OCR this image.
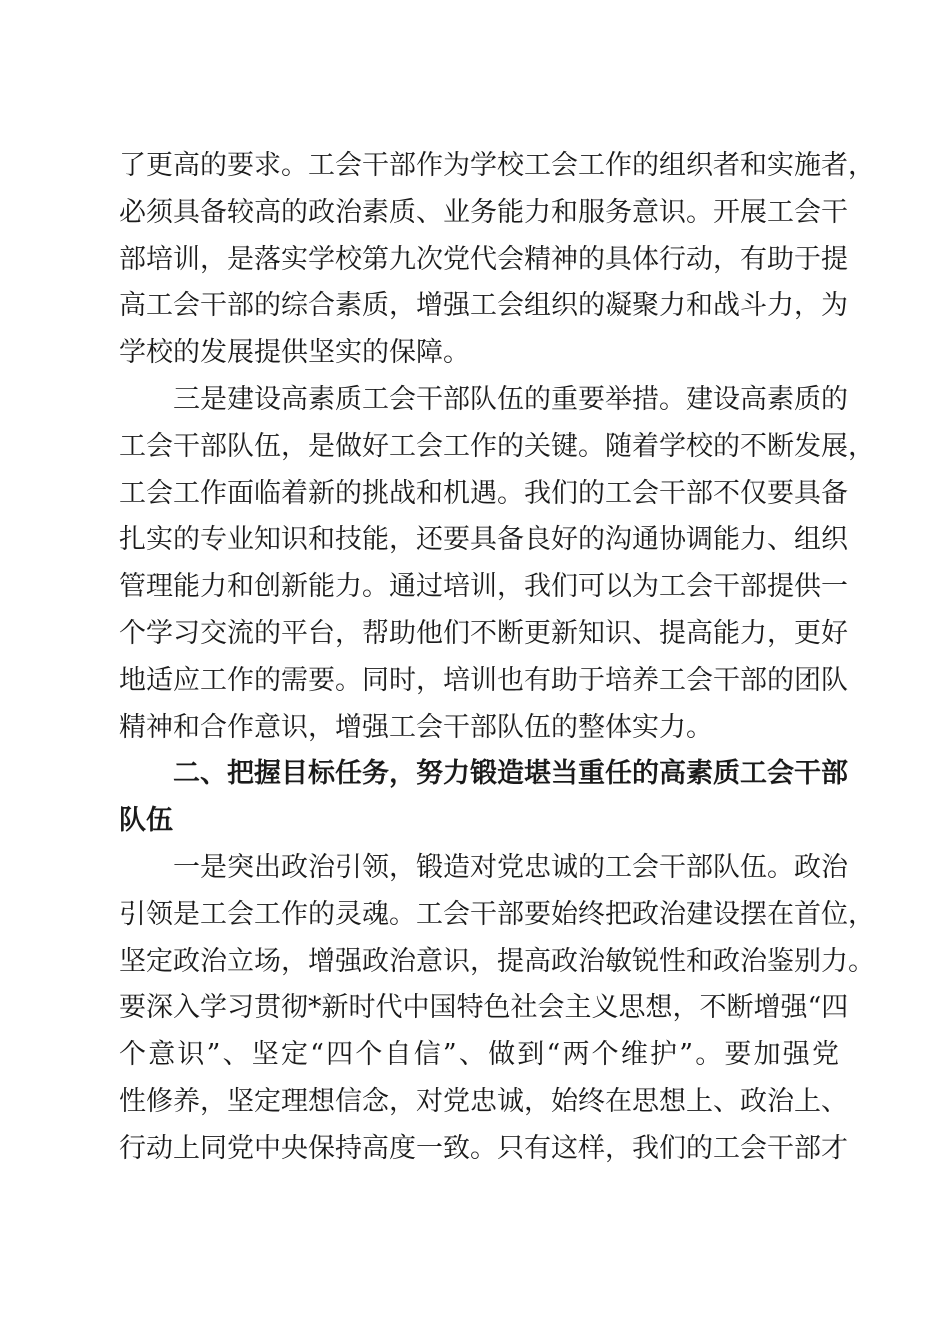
了更高的要求。工会干部作为学校工会工作的组织者和实施者，
必须具备较高的政治素质、业务能力和服务意识。开展工会干
部培训，是落实学校第九次党代会精神的具体行动，有助于提
高工会干部的综合素质，增强工会组织的凝聚力和战斗力，为
学校的发展提供坚实的保障。
三是建设高素质工会干部队伍的重要举措。建设高素质的
工会干部队伍，是做好工会工作的关键。随着学校的不断发展，
工会工作面临着新的挑战和机遇。我们的工会干部不仅要具备
扎实的专业知识和技能，还要具备良好的沟通协调能力、组织
管理能力和创新能力。通过培训，我们可以为工会干部提供一
个学习交流的平台，帮助他们不断更新知识、提高能力，更好
地适应工作的需要。同时，培训也有助于培养工会干部的团队
精神和合作意识，增强工会干部队伍的整体实力。
二、把握目标任务，努力锻造堪当重任的高素质工会干部
队伍
一是突出政治引领，锻造对党忠诚的工会干部队伍。政治
引领是工会工作的灵魂。工会干部要始终把政治建设摆在首位，
坚定政治立场，增强政治意识，提高政治敏锐性和政治鉴别力。
要深入学习贯彻*新时代中国特色社会主义思想，不断增强“四
个意识”、坚定“四个自信”、做到“两个维护”。要加强党
性修养，坚定理想信念，对党忠诚，始终在思想上、政治上、
行动上同党中央保持高度一致。只有这样，我们的工会干部才
